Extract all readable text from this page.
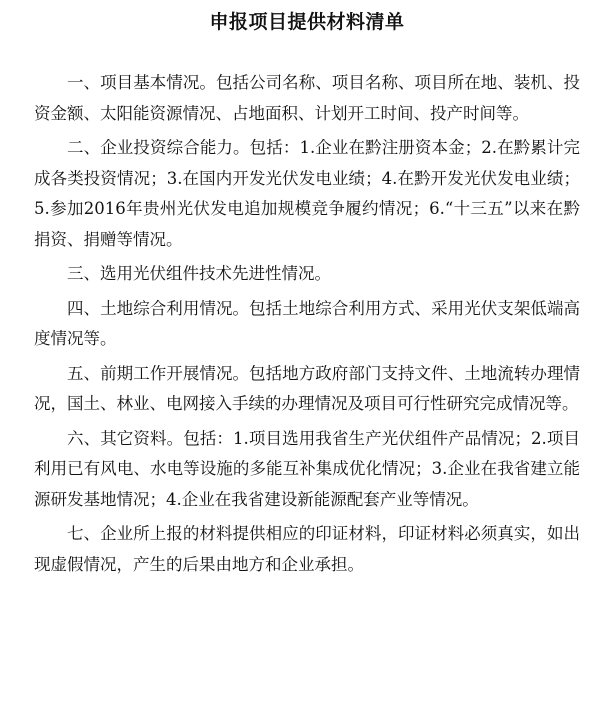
申报项目提供材料清单

一、项目基本情况。包括公司名称、项目名称、项目所在地、装机、投资金额、太阳能资源情况、占地面积、计划开工时间、投产时间等。

二、企业投资综合能力。包括：1.企业在黔注册资本金；2.在黔累计完成各类投资情况；3.在国内开发光伏发电业绩；4.在黔开发光伏发电业绩；5.参加2016年贵州光伏发电追加规模竞争履约情况；6.“十三五”以来在黔捐资、捐赠等情况。

三、选用光伏组件技术先进性情况。

四、土地综合利用情况。包括土地综合利用方式、采用光伏支架低端高度情况等。

五、前期工作开展情况。包括地方政府部门支持文件、土地流转办理情况，国土、林业、电网接入手续的办理情况及项目可行性研究完成情况等。

六、其它资料。包括：1.项目选用我省生产光伏组件产品情况；2.项目利用已有风电、水电等设施的多能互补集成优化情况；3.企业在我省建立能源研发基地情况；4.企业在我省建设新能源配套产业等情况。

七、企业所上报的材料提供相应的印证材料，印证材料必须真实，如出现虚假情况，产生的后果由地方和企业承担。
